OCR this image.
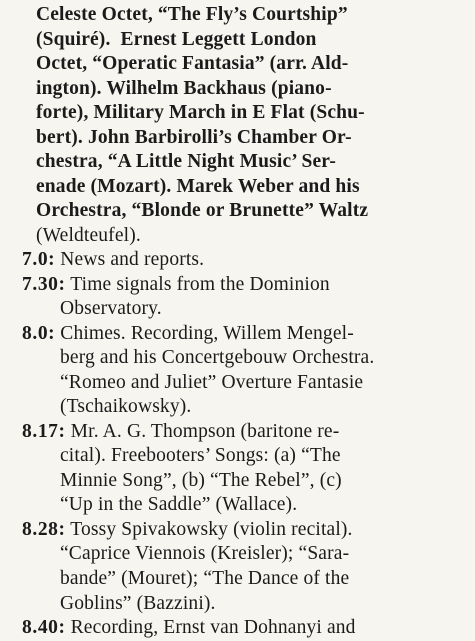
Celeste Octet, “The Fly’s Courtship”
(Squiré).  Ernest Leggett London
Octet, “Operatic Fantasia” (arr. Ald-
ington). Wilhelm Backhaus (piano-
forte), Military March in E Flat (Schu-
bert). John Barbirolli’s Chamber Or-
chestra, “A Little Night Music’ Ser-
enade (Mozart). Marek Weber and his
Orchestra, “Blonde or Brunette” Waltz
(Weldteufel).
7.0: News and reports.
7.30: Time signals from the Dominion
Observatory.
8.0: Chimes. Recording, Willem Mengel-
berg and his Concertgebouw Orchestra.
“Romeo and Juliet” Overture Fantasie
(Tschaikowsky).
8.17: Mr. A. G. Thompson (baritone re-
cital). Freebooters’ Songs: (a) “The
Minnie Song”, (b) “The Rebel”, (c)
“Up in the Saddle” (Wallace).
8.28: Tossy Spivakowsky (violin recital).
“Caprice Viennois (Kreisler); “Sara-
bande” (Mouret); “The Dance of the
Goblins” (Bazzini).
8.40: Recording, Ernst van Dohnanyi and
